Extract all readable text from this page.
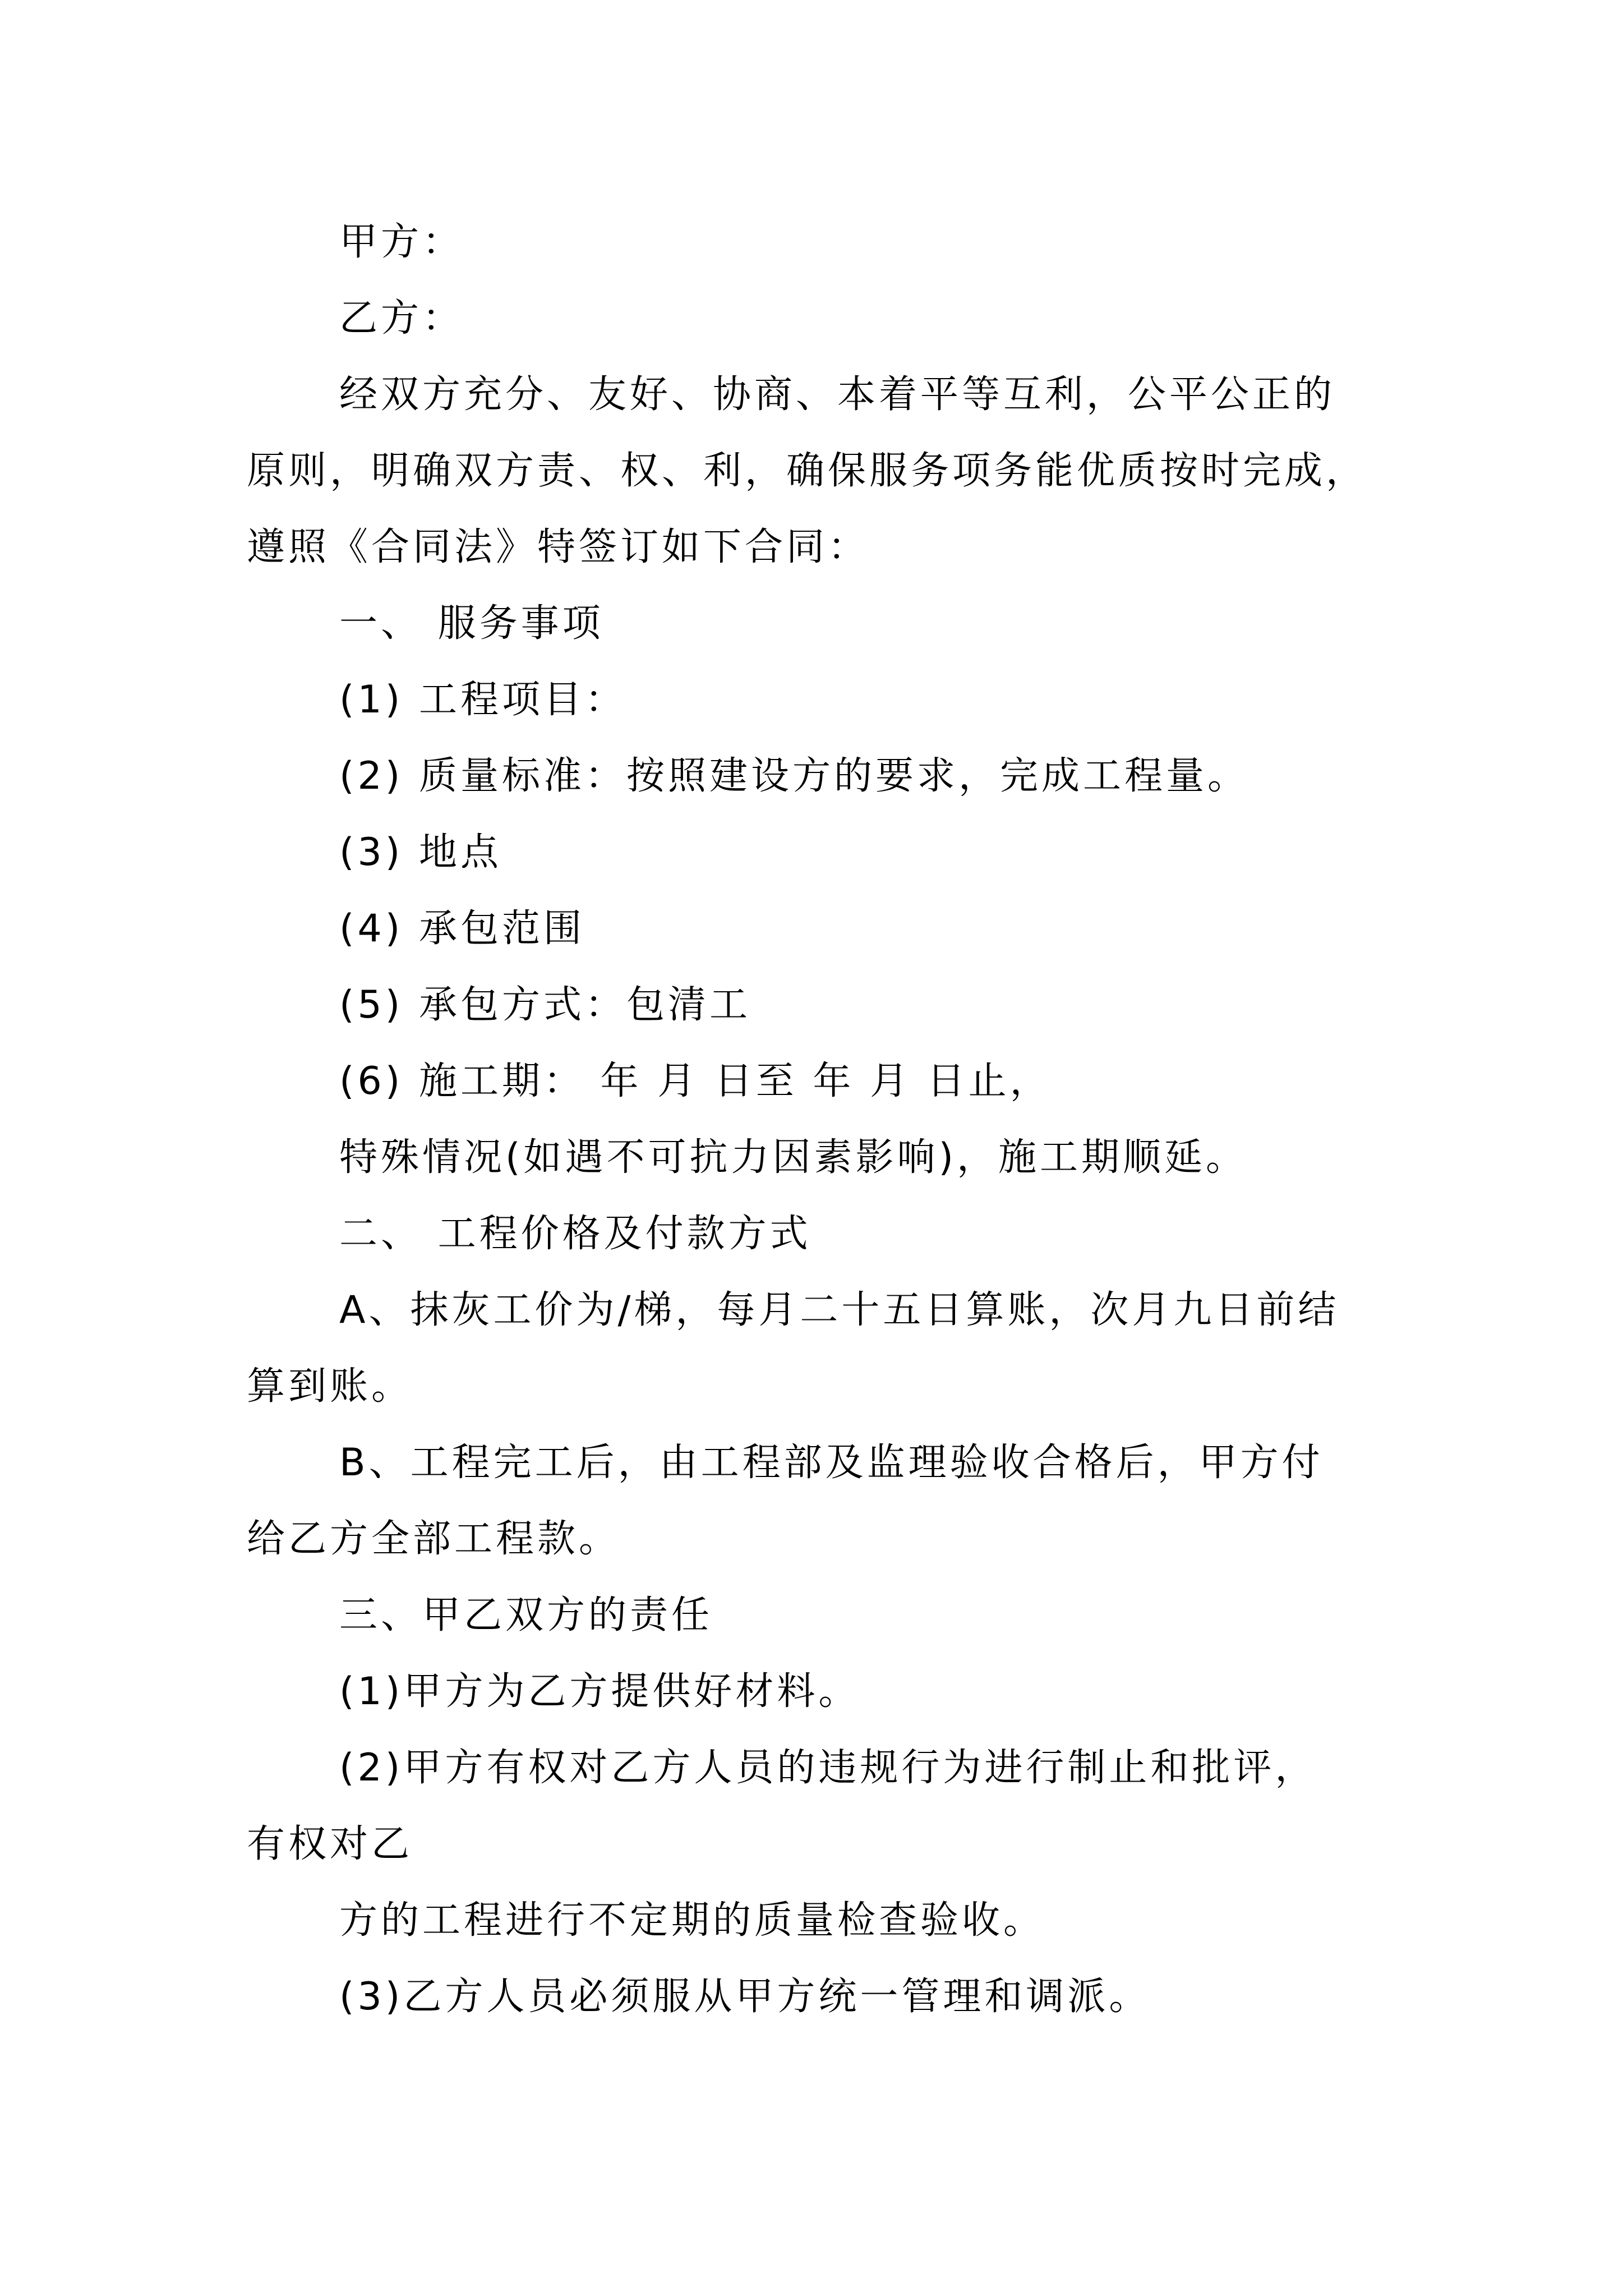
甲方：
乙方：
经双方充分、友好、协商、本着平等互利，公平公正的
原则，明确双方责、权、利，确保服务项务能优质按时完成，
遵照《合同法》特签订如下合同：
一、 服务事项
(1) 工程项目：
(2) 质量标准：按照建设方的要求，完成工程量。
(3) 地点
(4) 承包范围
(5) 承包方式：包清工
(6) 施工期： 年 月 日至 年 月 日止，
特殊情况(如遇不可抗力因素影响)，施工期顺延。
二、 工程价格及付款方式
A、抹灰工价为/梯，每月二十五日算账，次月九日前结
算到账。
B、工程完工后，由工程部及监理验收合格后，甲方付
给乙方全部工程款。
三、甲乙双方的责任
(1)甲方为乙方提供好材料。
(2)甲方有权对乙方人员的违规行为进行制止和批评，
有权对乙
方的工程进行不定期的质量检查验收。
(3)乙方人员必须服从甲方统一管理和调派。
